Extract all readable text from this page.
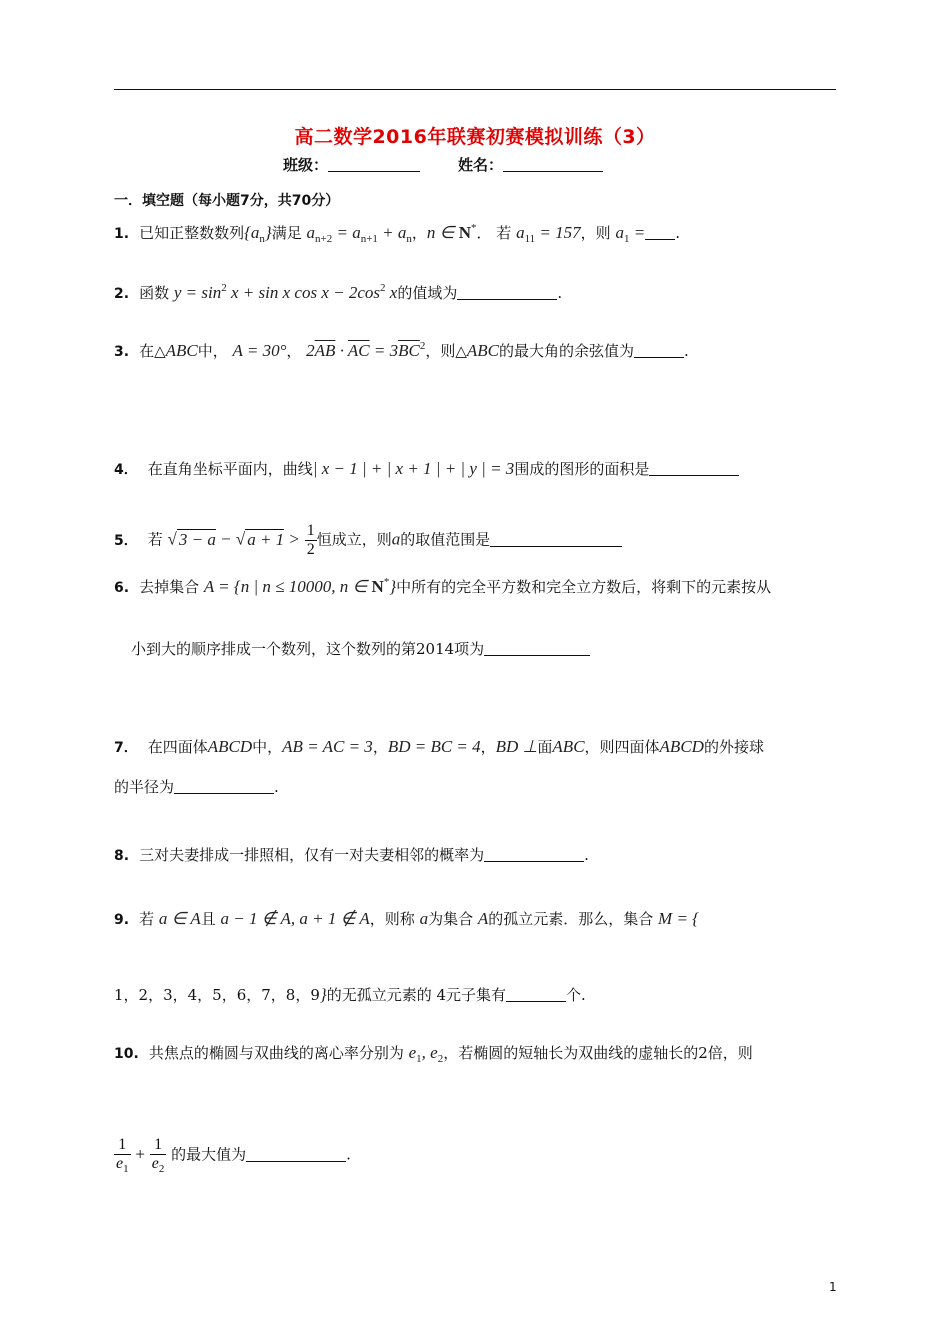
高二数学2016年联赛初赛模拟训练（3）
班级：	姓名：
一．填空题（每小题7分，共70分）
1. 已知正整数数列$\{a_n\}$满足 $a_{n+2} = a_{n+1} + a_n$，n ∈ N*． 若 $a_{11} = 157$，则 $a_1$ = .
2. 函数 $y = \sin^2 x + \sin x$ $\cos x - 2\cos^2$ x的值域为	.
3. 在△ABC中， A = 30°， $2\overline{AB} \cdot \overline{AC} = 3\overline{BC}^2$，则△ABC的最大角的余弦值为	.
4． 在直角坐标平面内，曲线| x − 1 | + | x + 1 | + | y | = 3围成的图形的面积是
5． 若 √ 3 − a − √ $a + 1 > \frac{1}{2}$ 恒成立，则a的取值范围是
6. 去掉集合 A = {n | n ≤ 10000, n ∈ N*}中所有的完全平方数和完全立方数后，将剩下的元素按从
小到大的顺序排成一个数列，这个数列的第2014项为
7． 在四面体ABCD中，AB = AC = 3，BD = BC = 4，BD ⊥面ABC，则四面体ABCD的外接球
的半径为	.
8. 三对夫妻排成一排照相，仅有一对夫妻相邻的概率为	.
9. 若 a ∈ A且 a − 1 ∉ A, a + 1 ∉ A，则称 a为集合 A的孤立元素．那么，集合 M = {
1，2，3，4，5，6，7，8，9}的无孤立元素的 4元子集有	个.
10. 共焦点的椭圆与双曲线的离心率分别为 $e_1$, $e_2$，若椭圆的短轴长为双曲线的虚轴长的2倍，则
$\frac{1}{e_1} + \frac{1}{e_2}$ 的最大值为	.
1
